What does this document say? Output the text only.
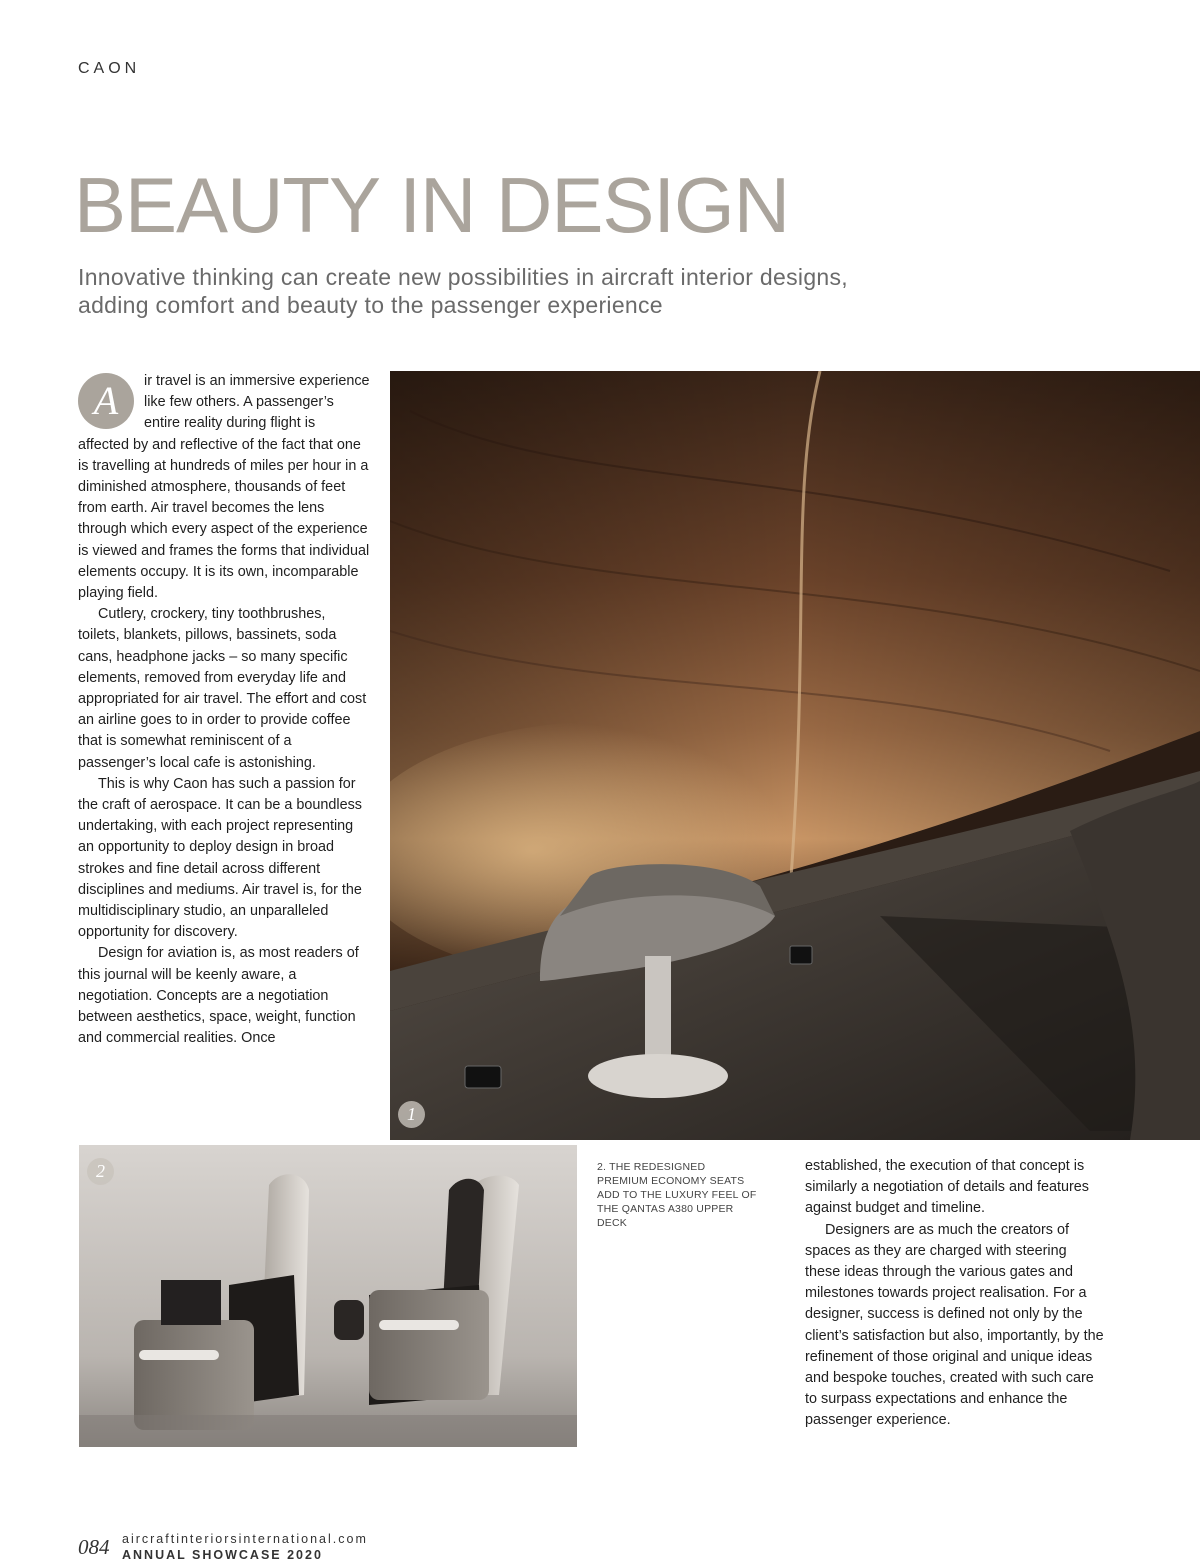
CAON
BEAUTY IN DESIGN
Innovative thinking can create new possibilities in aircraft interior designs, adding comfort and beauty to the passenger experience

A	ir travel is an immersive experience like few others. A passenger’s entire reality during flight is affected by and reflective of the fact that one is travelling at hundreds of miles per hour in a diminished atmosphere, thousands of feet from earth. Air travel becomes the lens through which every aspect of the experience is viewed and frames the forms that individual elements occupy. It is its own, incomparable playing field.

Cutlery, crockery, tiny toothbrushes, toilets, blankets, pillows, bassinets, soda cans, headphone jacks – so many specific elements, removed from everyday life and appropriated for air travel. The effort and cost an airline goes to in order to provide coffee that is somewhat reminiscent of a passenger’s local cafe is astonishing.

This is why Caon has such a passion for the craft of aerospace. It can be a boundless undertaking, with each project representing an opportunity to deploy design in broad strokes and fine detail across different disciplines and mediums. Air travel is, for the multidisciplinary studio, an unparalleled opportunity for discovery.

Design for aviation is, as most readers of this journal will be keenly aware, a negotiation. Concepts are a negotiation between aesthetics, space, weight, function and commercial realities. Once

1
2	2. THE REDESIGNED PREMIUM ECONOMY SEATS ADD TO THE LUXURY FEEL OF THE QANTAS A380 UPPER DECK

established, the execution of that concept is similarly a negotiation of details and features against budget and timeline.

Designers are as much the creators of spaces as they are charged with steering these ideas through the various gates and milestones towards project realisation. For a designer, success is defined not only by the client’s satisfaction but also, importantly, by the refinement of those original and unique ideas and bespoke touches, created with such care to surpass expectations and enhance the passenger experience.

084 aircraftinteriorsinternational.com
ANNUAL SHOWCASE 2020
